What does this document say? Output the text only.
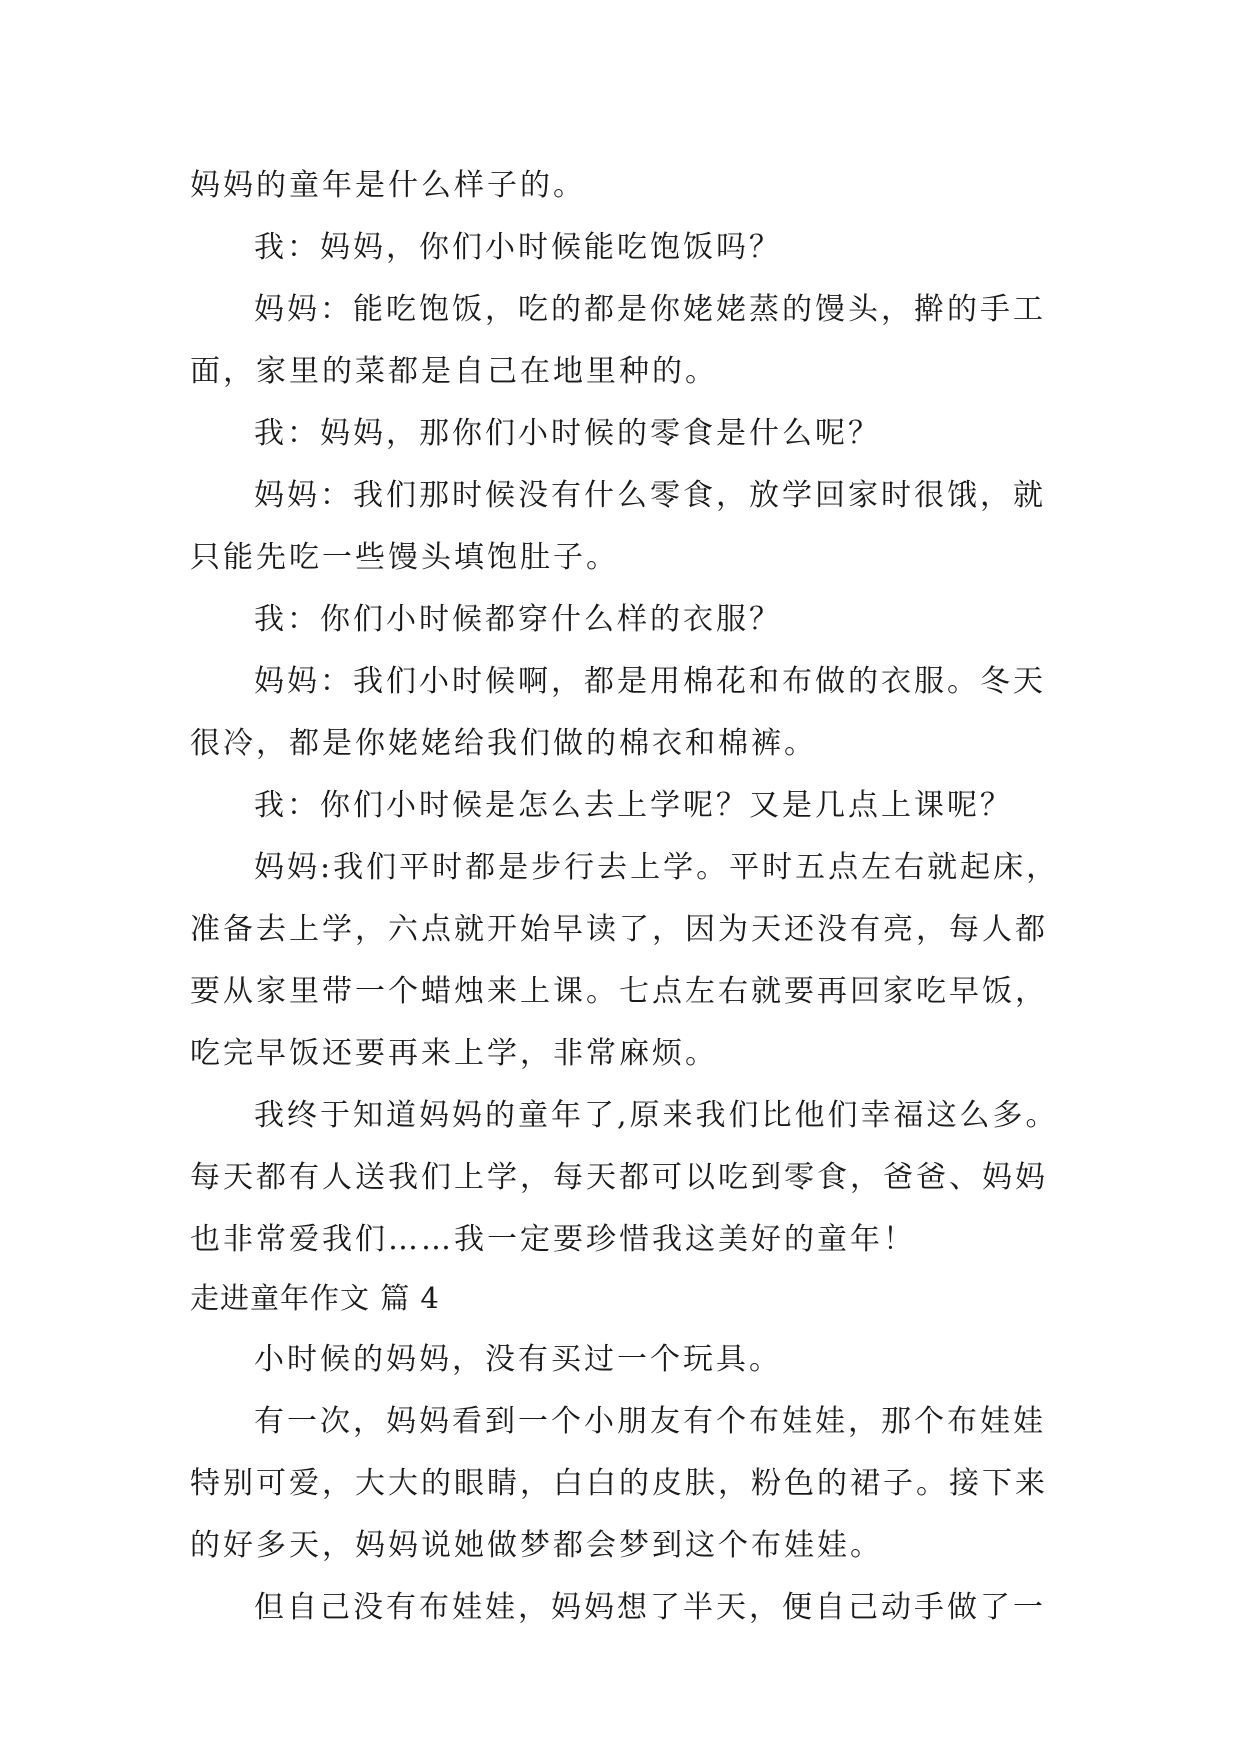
妈妈的童年是什么样子的。
我：妈妈，你们小时候能吃饱饭吗？
妈妈：能吃饱饭，吃的都是你姥姥蒸的馒头，擀的手工
面，家里的菜都是自己在地里种的。
我：妈妈，那你们小时候的零食是什么呢？
妈妈：我们那时候没有什么零食，放学回家时很饿，就
只能先吃一些馒头填饱肚子。
我：你们小时候都穿什么样的衣服？
妈妈：我们小时候啊，都是用棉花和布做的衣服。冬天
很冷，都是你姥姥给我们做的棉衣和棉裤。
我：你们小时候是怎么去上学呢？又是几点上课呢？
妈妈:我们平时都是步行去上学。平时五点左右就起床，
准备去上学，六点就开始早读了，因为天还没有亮，每人都
要从家里带一个蜡烛来上课。七点左右就要再回家吃早饭，
吃完早饭还要再来上学，非常麻烦。
我终于知道妈妈的童年了,原来我们比他们幸福这么多。
每天都有人送我们上学，每天都可以吃到零食，爸爸、妈妈
也非常爱我们……我一定要珍惜我这美好的童年！
走进童年作文 篇 4
小时候的妈妈，没有买过一个玩具。
有一次，妈妈看到一个小朋友有个布娃娃，那个布娃娃
特别可爱，大大的眼睛，白白的皮肤，粉色的裙子。接下来
的好多天，妈妈说她做梦都会梦到这个布娃娃。
但自己没有布娃娃，妈妈想了半天，便自己动手做了一
